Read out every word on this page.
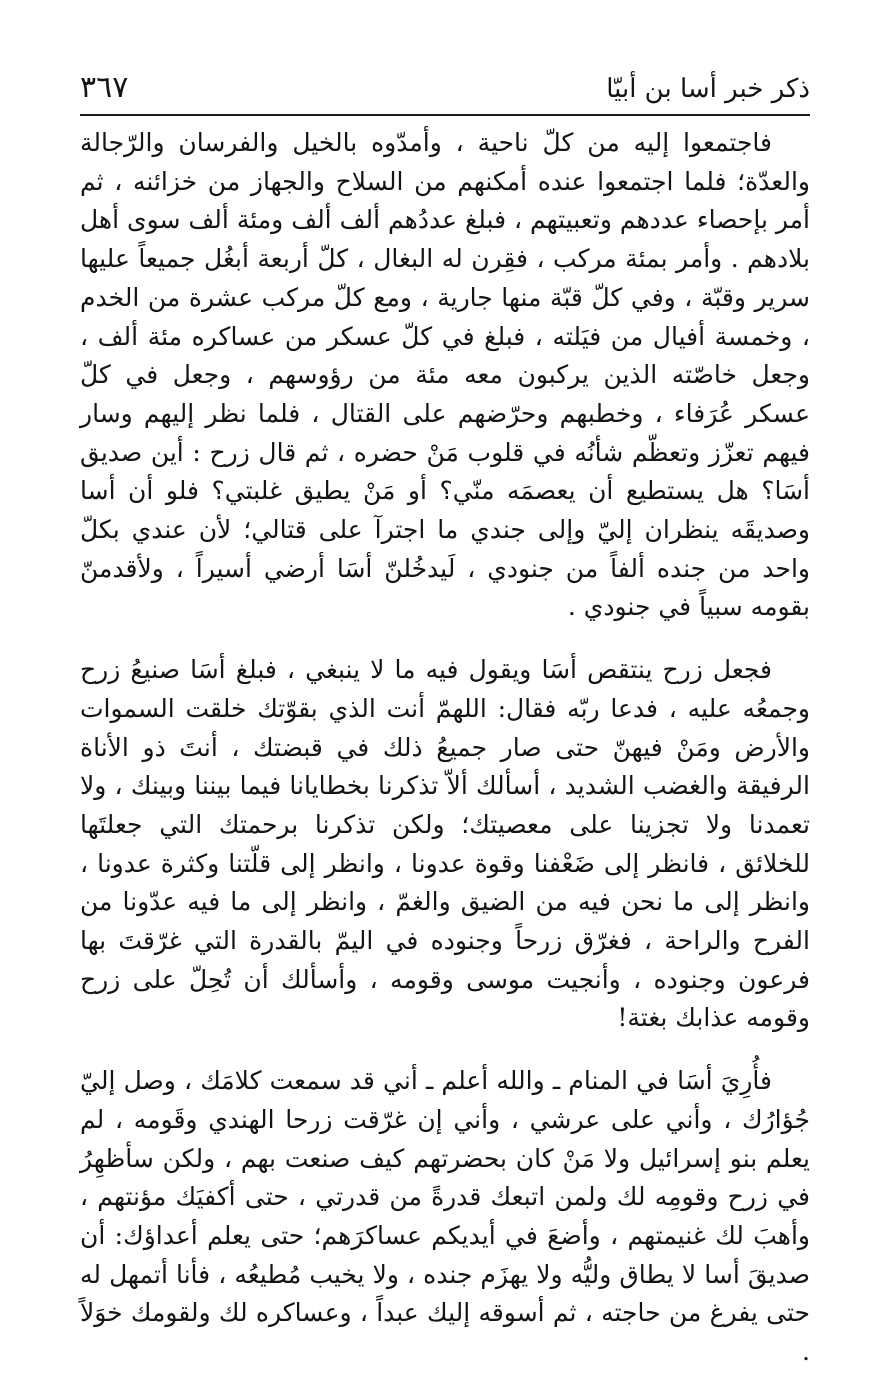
ذكر خبر أسا بن أبيّا
٣٦٧

فاجتمعوا إليه من كلّ ناحية ، وأمدّوه بالخيل والفرسان والرّجالة والعدّة؛ فلما اجتمعوا عنده أمكنهم من السلاح والجهاز من خزائنه ، ثم أمر بإحصاء عددهم وتعبيتهم ، فبلغ عددُهم ألف ألف ومئة ألف سوى أهل بلادهم . وأمر بمئة مركب ، فقِرن له البغال ، كلّ أربعة أبغُل جميعاً عليها سرير وقبّة ، وفي كلّ قبّة منها جارية ، ومع كلّ مركب عشرة من الخدم ، وخمسة أفيال من فيَلته ، فبلغ في كلّ عسكر من عساكره مئة ألف ، وجعل خاصّته الذين يركبون معه مئة من رؤوسهم ، وجعل في كلّ عسكر عُرَفاء ، وخطبهم وحرّضهم على القتال ، فلما نظر إليهم وسار فيهم تعزّز وتعظّم شأنُه في قلوب مَنْ حضره ، ثم قال زرح : أين صديق أسَا؟ هل يستطيع أن يعصمَه منّي؟ أو مَنْ يطيق غلبتي؟ فلو أن أسا وصديقَه ينظران إليّ وإلى جندي ما اجترآ على قتالي؛ لأن عندي بكلّ واحد من جنده ألفاً من جنودي ، لَيدخُلنّ أسَا أرضي أسيراً ، ولأقدمنّ بقومه سبياً في جنودي .

فجعل زرح ينتقص أسَا ويقول فيه ما لا ينبغي ، فبلغ أسَا صنيعُ زرح وجمعُه عليه ، فدعا ربّه فقال: اللهمّ أنت الذي بقوّتك خلقت السموات والأرض ومَنْ فيهنّ حتى صار جميعُ ذلك في قبضتك ، أنتَ ذو الأناة الرفيقة والغضب الشديد ، أسألك ألاّ تذكرنا بخطايانا فيما بيننا وبينك ، ولا تعمدنا ولا تجزينا على معصيتك؛ ولكن تذكرنا برحمتك التي جعلتَها للخلائق ، فانظر إلى ضَعْفنا وقوة عدونا ، وانظر إلى قلّتنا وكثرة عدونا ، وانظر إلى ما نحن فيه من الضيق والغمّ ، وانظر إلى ما فيه عدّونا من الفرح والراحة ، فغرّق زرحاً وجنوده في اليمّ بالقدرة التي غرّقتَ بها فرعون وجنوده ، وأنجيت موسى وقومه ، وأسألك أن تُحِلّ على زرح وقومه عذابك بغتة!

فأُرِيَ أسَا في المنام ـ والله أعلم ـ أني قد سمعت كلامَك ، وصل إليّ جُؤارُك ، وأني على عرشي ، وأني إن غرّقت زرحا الهندي وقَومه ، لم يعلم بنو إسرائيل ولا مَنْ كان بحضرتهم كيف صنعت بهم ، ولكن سأظهِرُ في زرح وقومِه لك ولمن اتبعك قدرةً من قدرتي ، حتى أكفيَك مؤنتهم ، وأهبَ لك غنيمتهم ، وأضعَ في أيديكم عساكرَهم؛ حتى يعلم أعداؤك: أن صديقَ أسا لا يطاق وليُّه ولا يهزَم جنده ، ولا يخيب مُطيعُه ، فأنا أتمهل له حتى يفرغ من حاجته ، ثم أسوقه إليك عبداً ، وعساكره لك ولقومك خوَلاً .
